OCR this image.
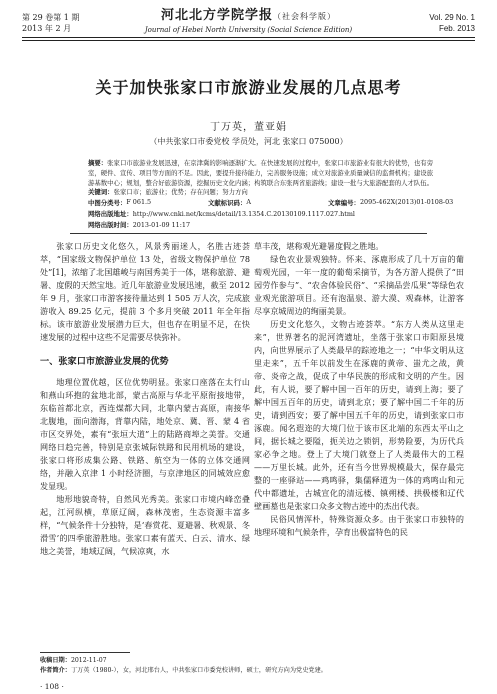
第 29 卷第 1 期
2013 年 2 月
河北北方学院学报（社会科学版）
Journal of Hebei North University (Social Science Edition)
Vol. 29 No. 1
Feb. 2013
关于加快张家口市旅游业发展的几点思考
丁万英，董亚娟
（中共张家口市委党校 学员处，河北 张家口 075000）
摘要：张家口市旅游业发展迅速，在京津冀的影响逐渐扩大。在快速发展的过程中，张家口市旅游业有很大的优势，也有旁室，硬件、宣传、项目等方面的不足。因此，要提升接待能力，完善服务设施；成立对旅游业质量诚信的监督机构；建设旅游基数中心；规划，整合好旅游资源，挖掘历史文化内涵；构筑联合东张两省旅游线；建设一批与大旅游配套的人才队伍。
关键词：张家口市；旅游业；优势；存在问题；努力方向
中图分类号： F 061.5	文献标识码： A	文章编号： 2095-462X(2013)01-0108-03
网络出版地址：http://www.cnki.net/kcms/detail/13.1354.C.20130109.1117.027.html
网络出版时间：2013-01-09 11:17

张家口历史文化悠久，风景秀丽迷人，名胜古迹荟萃，“国家级文物保护单位 13 处，省级文物保护单位 78 处”[1]，浓缩了北国雄峻与南国秀美于一体，堪称旅游、避暑、度假的天然宝地。近几年旅游业发展迅速，截至 2012 年 9 月，张家口市游客接待量达到 1 505 万人次，完成旅游收入 89.25 亿元，提前 3 个多月突破 2011 年全年指标。该市旅游业发展潜力巨大，但也存在明显不足，在快速发展的过程中这些不足需要尽快弥补。

一、张家口市旅游业发展的优势

地理位置优越，区位优势明显。张家口座落在太行山和燕山环抱的盆地北部，蒙古高原与华北平原衔接地带，东临首都北京，西连煤都大同，北靠内蒙古高原，南接华北腹地，面向渤海，背靠内陆，地处京、冀、晋、蒙 4 省市区交界处，素有“张垣大道”上的陆路商埠之美誉。交通网络日趋完善，特别是京张城际铁路和民用机场的建设，张家口将形成集公路、铁路、航空为一体的立体交通网络，并融入京津 1 小时经济圈，与京津地区的同城效应愈发显现。

地形地貌奇特，自然风光秀美。张家口市境内峰峦叠起，江河纵横，草原辽阔，森林茂密，生态资源丰富多样，“气候条件十分独特，是‘春赏花、夏避暑、秋观景、冬滑雪’的四季旅游胜地。张家口素有蓝天、白云、清水、绿地之美誉，地域辽阔，气候凉爽，水

草丰茂，堪称观光避暑度假之胜地。

绿色农业景观独特。怀来、涿鹿形成了几十万亩的葡萄观光园，一年一度的葡萄采摘节，为各方游人提供了“田园劳作参与”、“农舍体验民俗”、“采摘品尝瓜果”等绿色农业观光旅游项目。还有泡温泉、游大漠、观森林，让游客尽享京城周边的绚丽美景。

历史文化悠久，文物古迹荟萃。“东方人类从这里走来”，世界著名的泥河湾遗址，坐落于张家口市阳原县境内，向世界展示了人类最早的踪迹地之一；“中华文明从这里走来”，五千年以前发生在涿鹿的黄帝、蚩尤之战，黄帝、炎帝之战，促成了中华民族的形成和文明的产生。因此，有人说，要了解中国一百年的历史，请到上海；要了解中国五百年的历史，请到北京；要了解中国二千年的历史，请到西安；要了解中国五千年的历史，请到张家口市涿鹿。闻名遐迩的大境门位于该市区北端的东西太平山之间，据长城之要隘，扼关边之锁钥，形势险要，为历代兵家必争之地。登上了大境门就登上了人类最伟大的工程——万里长城。此外，还有当今世界规模最大，保存最完整的一座驿站——鸡鸣驿，集儒释道为一体的鸡鸣山和元代中都遗址，古城宣化的清远楼、镇朔楼、拱极楼和辽代壁画墓也是张家口众多文物古迹中的杰出代表。

民俗风情浑朴，特殊资源众多。由于张家口市独特的地理环境和气候条件，孕育出极富特色的民

收稿日期：2012-11-07
作者简介：丁万英（1980-），女，河北邢台人，中共张家口市委党校讲师，硕士，研究方向为党史党建。
· 108 ·
